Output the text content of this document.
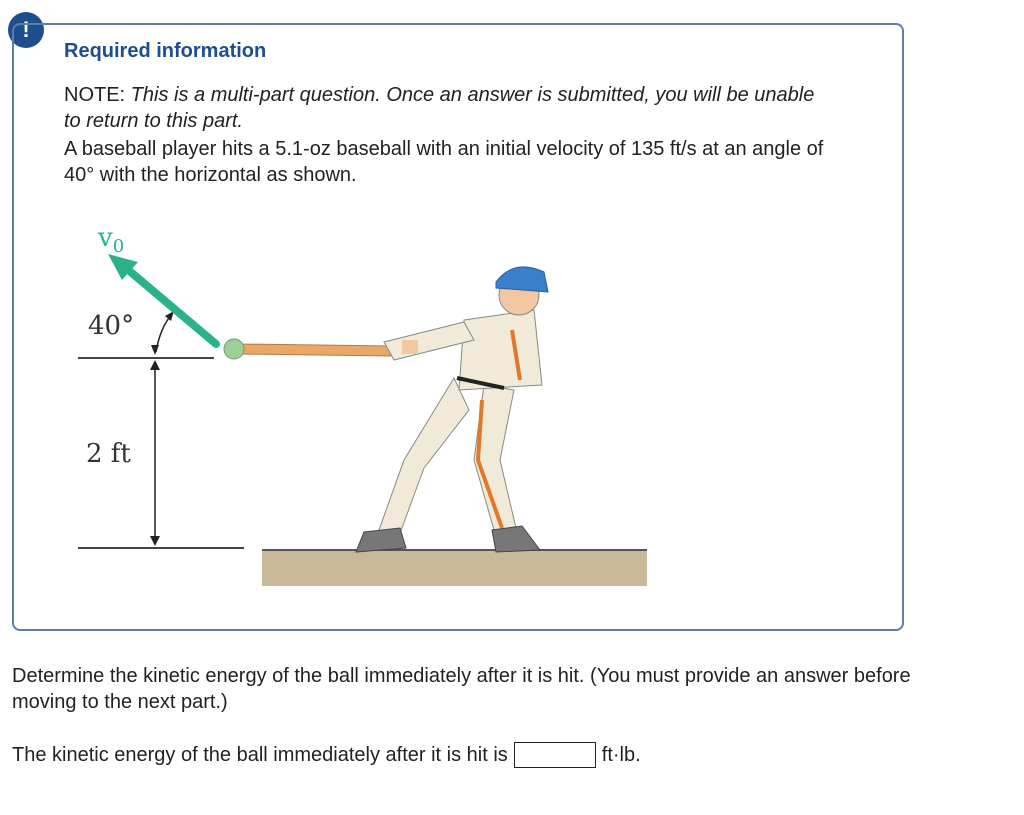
!
Required information
NOTE: This is a multi-part question. Once an answer is submitted, you will be unable to return to this part.
A baseball player hits a 5.1-oz baseball with an initial velocity of 135 ft/s at an angle of 40° with the horizontal as shown.
$v_0$
40°
2 ft
Determine the kinetic energy of the ball immediately after it is hit. (You must provide an answer before moving to the next part.)
The kinetic energy of the ball immediately after it is hit is	ft·lb.
